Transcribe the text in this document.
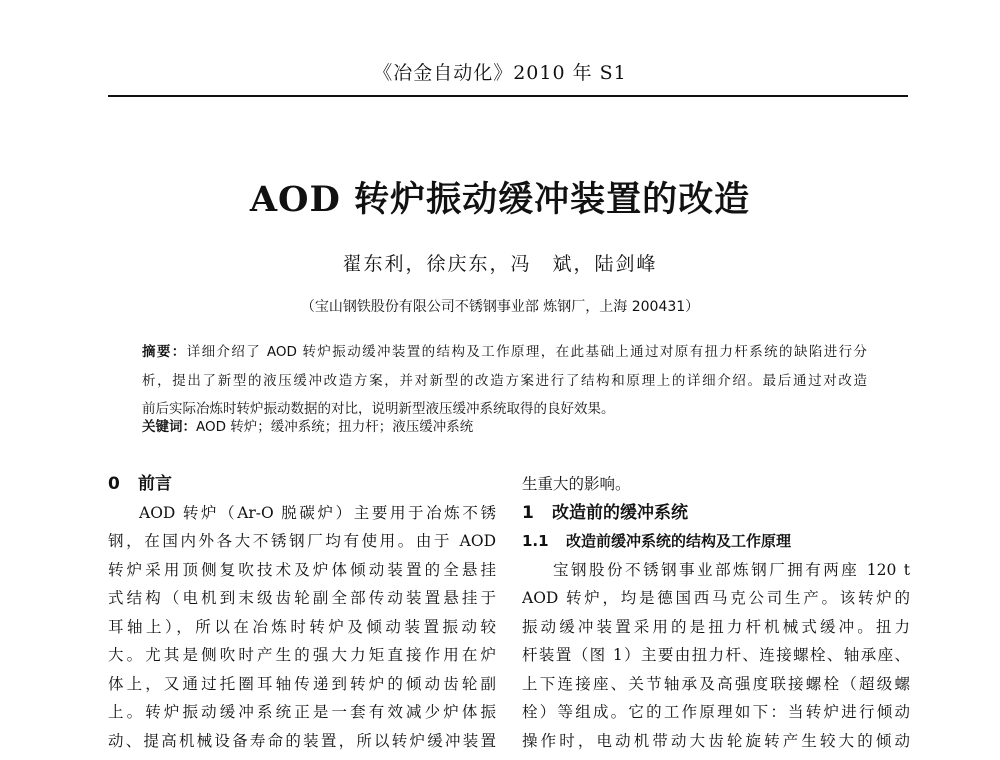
《冶金自动化》2010 年 S1
AOD 转炉振动缓冲装置的改造
翟东利，徐庆东，冯　斌，陆剑峰
（宝山钢铁股份有限公司不锈钢事业部 炼钢厂，上海 200431）
摘要：详细介绍了 AOD 转炉振动缓冲装置的结构及工作原理，在此基础上通过对原有扭力杆系统的缺陷进行分
析，提出了新型的液压缓冲改造方案，并对新型的改造方案进行了结构和原理上的详细介绍。最后通过对改造
前后实际冶炼时转炉振动数据的对比，说明新型液压缓冲系统取得的良好效果。
关键词：AOD 转炉；缓冲系统；扭力杆；液压缓冲系统
0 前言
AOD 转炉（Ar-O 脱碳炉）主要用于冶炼不锈
钢，在国内外各大不锈钢厂均有使用。由于 AOD
转炉采用顶侧复吹技术及炉体倾动装置的全悬挂
式结构（电机到末级齿轮副全部传动装置悬挂于
耳轴上），所以在冶炼时转炉及倾动装置振动较
大。尤其是侧吹时产生的强大力矩直接作用在炉
体上，又通过托圈耳轴传递到转炉的倾动齿轮副
上。转炉振动缓冲系统正是一套有效减少炉体振
动、提高机械设备寿命的装置，所以转炉缓冲装置
生重大的影响。
1 改造前的缓冲系统
1.1 改造前缓冲系统的结构及工作原理
宝钢股份不锈钢事业部炼钢厂拥有两座 120 t
AOD 转炉，均是德国西马克公司生产。该转炉的
振动缓冲装置采用的是扭力杆机械式缓冲。扭力
杆装置（图 1）主要由扭力杆、连接螺栓、轴承座、
上下连接座、关节轴承及高强度联接螺栓（超级螺
栓）等组成。它的工作原理如下：当转炉进行倾动
操作时，电动机带动大齿轮旋转产生较大的倾动
